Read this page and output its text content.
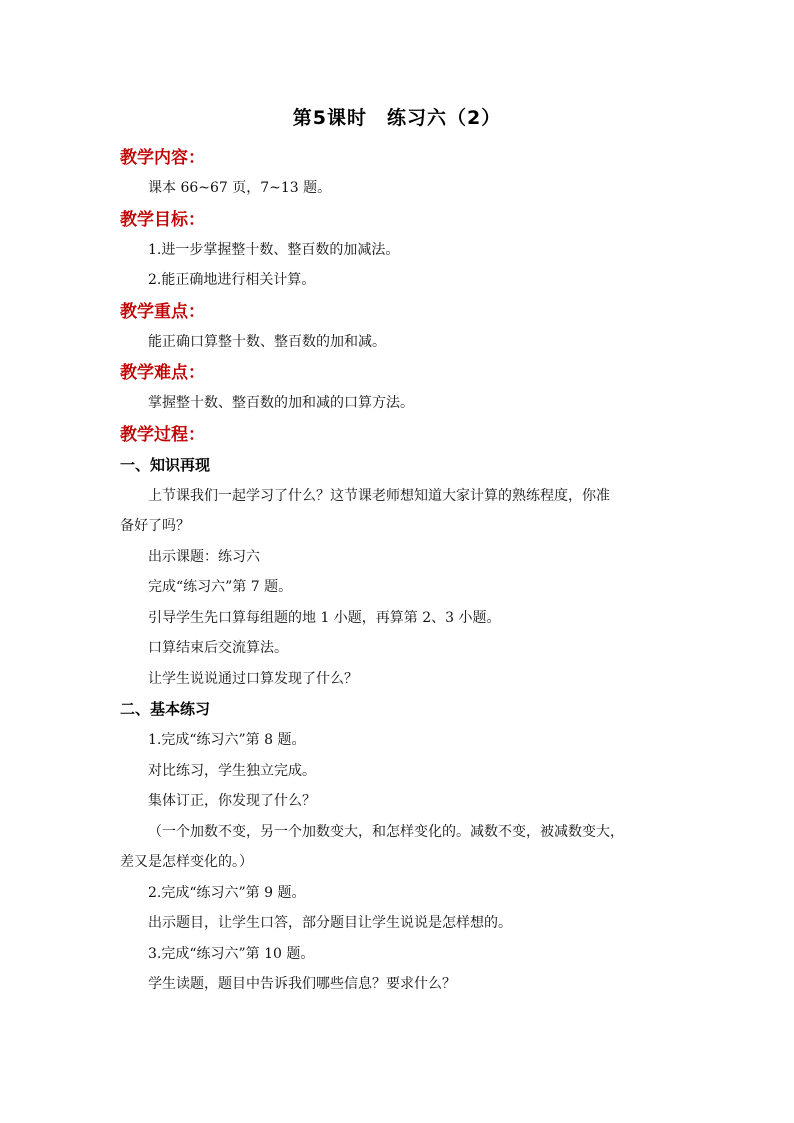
第5课时　练习六（2）
教学内容：
课本 66~67 页，7~13 题。
教学目标：
1.进一步掌握整十数、整百数的加减法。
2.能正确地进行相关计算。
教学重点：
能正确口算整十数、整百数的加和减。
教学难点：
掌握整十数、整百数的加和减的口算方法。
教学过程：
一、知识再现
上节课我们一起学习了什么？这节课老师想知道大家计算的熟练程度，你准
备好了吗？
出示课题：练习六
完成“练习六”第 7 题。
引导学生先口算每组题的地 1 小题，再算第 2、3 小题。
口算结束后交流算法。
让学生说说通过口算发现了什么？
二、基本练习
1.完成“练习六”第 8 题。
对比练习，学生独立完成。
集体订正，你发现了什么？
（一个加数不变，另一个加数变大，和怎样变化的。减数不变，被减数变大，
差又是怎样变化的。）
2.完成“练习六”第 9 题。
出示题目，让学生口答，部分题目让学生说说是怎样想的。
3.完成“练习六”第 10 题。
学生读题，题目中告诉我们哪些信息？要求什么？
